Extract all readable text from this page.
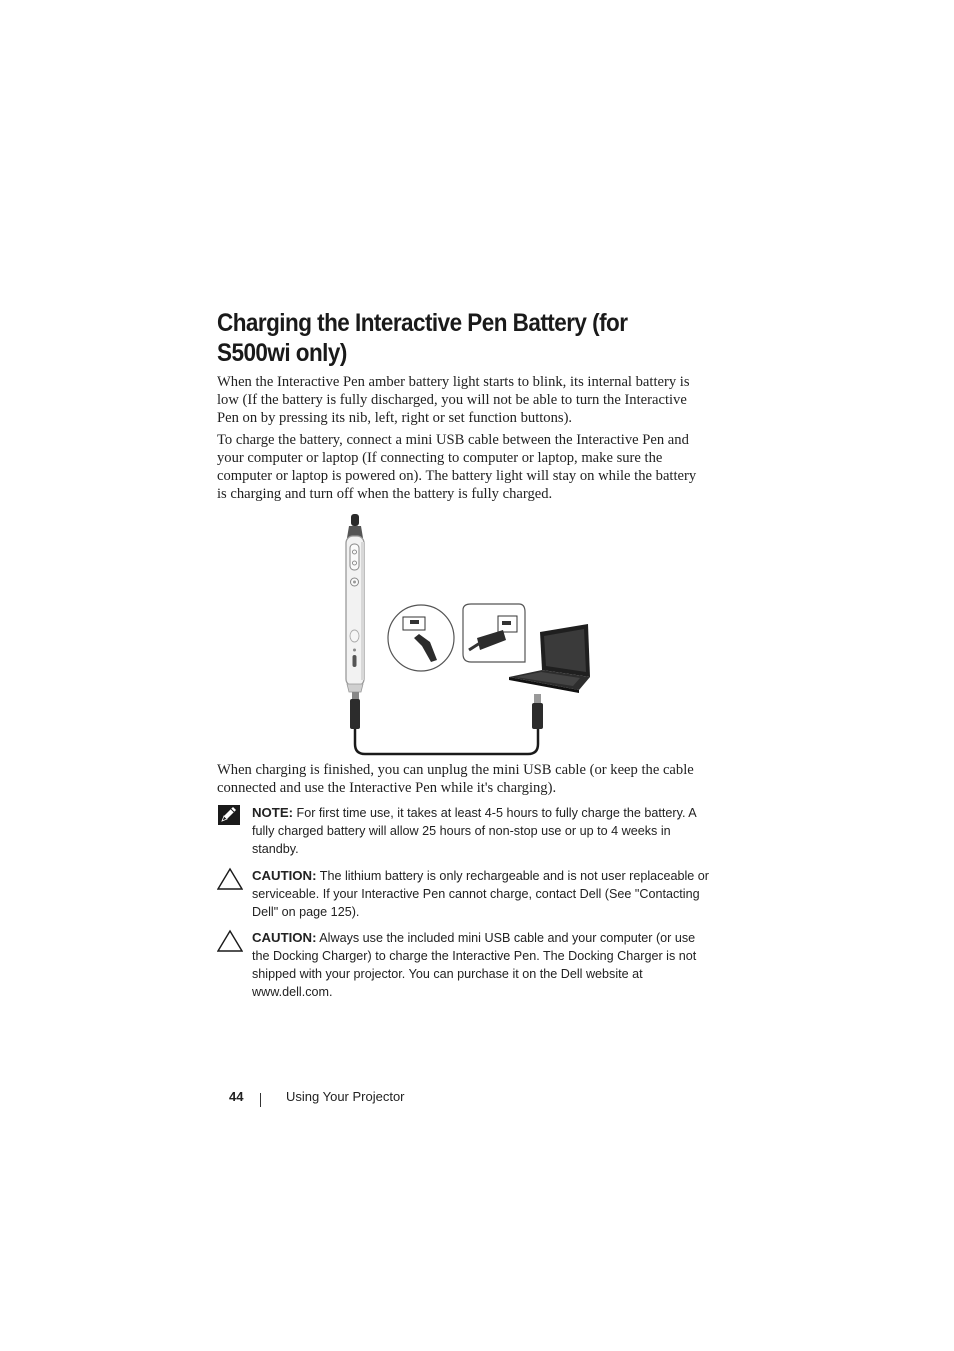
Charging the Interactive Pen Battery (for S500wi only)

When the Interactive Pen amber battery light starts to blink, its internal battery is low (If the battery is fully discharged, you will not be able to turn the Interactive Pen on by pressing its nib, left, right or set function buttons).

To charge the battery, connect a mini USB cable between the Interactive Pen and your computer or laptop (If connecting to computer or laptop, make sure the computer or laptop is powered on). The battery light will stay on while the battery is charging and turn off when the battery is fully charged.

When charging is finished, you can unplug the mini USB cable (or keep the cable connected and use the Interactive Pen while it's charging).

NOTE: For first time use, it takes at least 4-5 hours to fully charge the battery. A fully charged battery will allow 25 hours of non-stop use or up to 4 weeks in standby.
CAUTION: The lithium battery is only rechargeable and is not user replaceable or serviceable. If your Interactive Pen cannot charge, contact Dell (See "Contacting Dell" on page 125).
CAUTION: Always use the included mini USB cable and your computer (or use the Docking Charger) to charge the Interactive Pen. The Docking Charger is not shipped with your projector. You can purchase it on the Dell website at www.dell.com.
44	Using Your Projector
